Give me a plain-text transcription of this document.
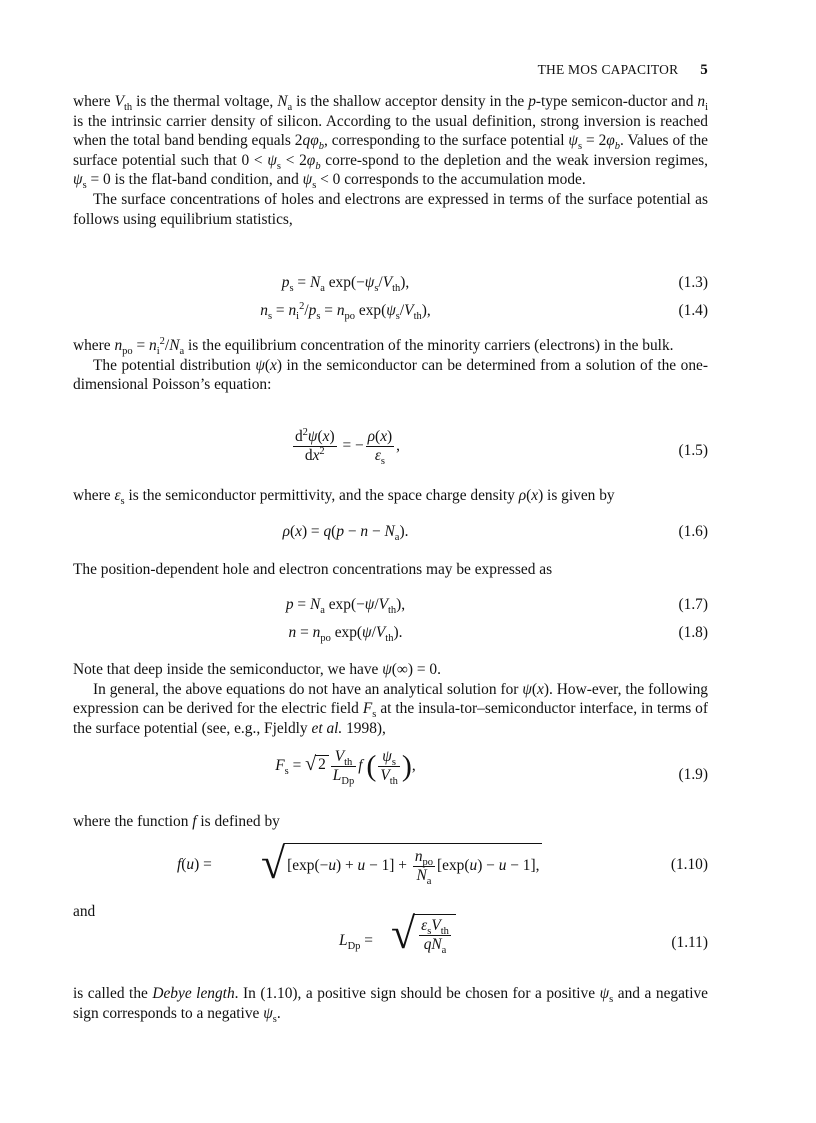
THE MOS CAPACITOR 5

where $V_{th}$ is the thermal voltage, $N_a$ is the shallow acceptor density in the p-type semicon-ductor and $n_i$ is the intrinsic carrier density of silicon. According to the usual definition, strong inversion is reached when the total band bending equals $2q\varphi_b$, corresponding to the surface potential $\psi_s = 2\varphi_b$. Values of the surface potential such that $0 < \psi_s < 2\varphi_b$ corre-spond to the depletion and the weak inversion regimes, $\psi_s = 0$ is the flat-band condition, and $\psi_s < 0$ corresponds to the accumulation mode.

The surface concentrations of holes and electrons are expressed in terms of the surface potential as follows using equilibrium statistics,

$p_s = N_a$ $\exp(-\psi_s/V_{th})$,	(1.3)
$n_s = n_i^2/p_s = n_{po}$ $\exp(\psi_s/V_{th})$,	(1.4)

where $n_{po} = n_i^2/N_a$ is the equilibrium concentration of the minority carriers (electrons) in the bulk.

The potential distribution ψ(x) in the semiconductor can be determined from a solution of the one-dimensional Poisson’s equation:

$\frac{d^2\psi(x)}{dx^2}$ = − $\frac{\rho(x)}{\varepsilon_s}$ ,	(1.5)

where $\varepsilon_s$ is the semiconductor permittivity, and the space charge density ρ(x) is given by

$\rho(x) = q(p - n - N_a)$.	(1.6)

The position-dependent hole and electron concentrations may be expressed as

$p = N_a$ $\exp(-\psi/V_{th})$,	(1.7)
$n = n_{po}$ $\exp(\psi/V_{th})$.	(1.8)

Note that deep inside the semiconductor, we have ψ(∞) = 0.

In general, the above equations do not have an analytical solution for ψ(x). How-ever, the following expression can be derived for the electric field $F_s$ at the insula-tor–semiconductor interface, in terms of the surface potential (see, e.g., Fjeldly et al. 1998),

$F_s$ = √ $2 \frac{V_{th}}{L_{Dp}}$ f ( $\frac{\psi_s}{V_{th}}$ ),
(1.9)

where the function f is defined by

f(u) = √ $[\exp(-u) + u - 1] + \frac{n_{po}}{N_a} [\exp(u) - u - 1]$,	(1.10)

and

$L_{Dp}$ = √ $\frac{\varepsilon_sV_{th}}{qN_a}$	(1.11)

is called the Debye length. In (1.10), a positive sign should be chosen for a positive $\psi_s$ and a negative sign corresponds to a negative $\psi_s$.
